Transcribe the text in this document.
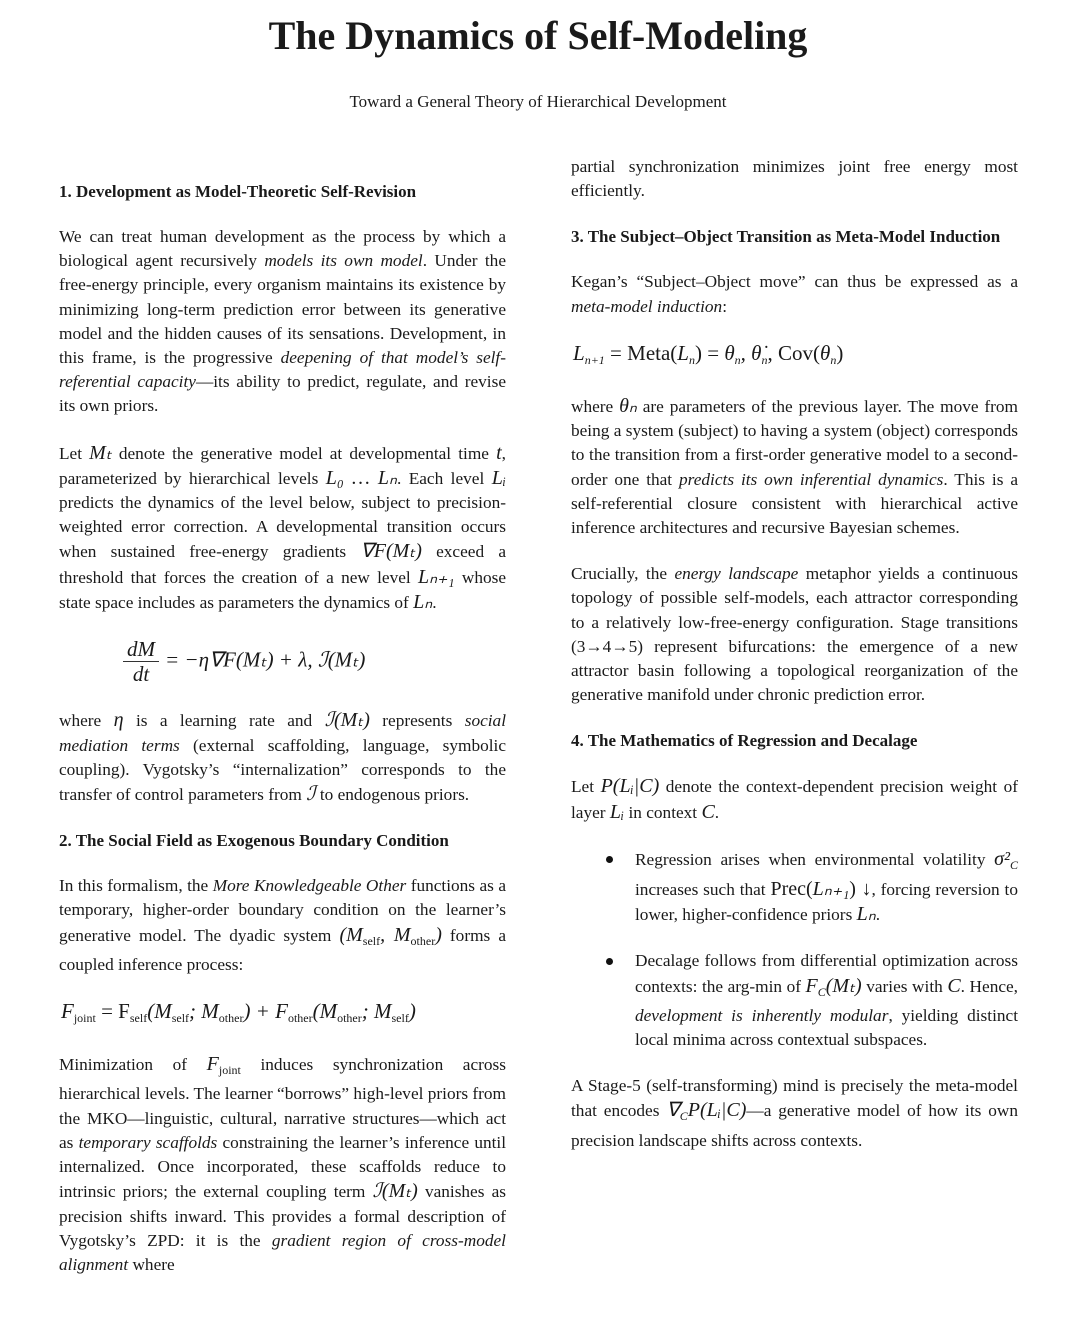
The Dynamics of Self-Modeling
Toward a General Theory of Hierarchical Development
1. Development as Model-Theoretic Self-Revision

We can treat human development as the process by which a biological agent recursively models its own model. Under the free-energy principle, every organism maintains its existence by minimizing long-term prediction error between its generative model and the hidden causes of its sensations. Development, in this frame, is the progressive deepening of that model’s self-referential capacity—its ability to predict, regulate, and revise its own priors.

Let Mₜ denote the generative model at developmental time t, parameterized by hierarchical levels L₀ … Lₙ. Each level Lᵢ predicts the dynamics of the level below, subject to precision-weighted error correction. A developmental transition occurs when sustained free-energy gradients ∇F(Mₜ) exceed a threshold that forces the creation of a new level Lₙ₊₁ whose state space includes as parameters the dynamics of Lₙ.

$\frac{dM}{dt} = -\eta\nabla F(M_t) + \lambda$, ℐ(Mₜ)

where η is a learning rate and ℐ(Mₜ) represents social mediation terms (external scaffolding, language, symbolic coupling). Vygotsky’s “internalization” corresponds to the transfer of control parameters from ℐ to endogenous priors.

2. The Social Field as Exogenous Boundary Condition

In this formalism, the More Knowledgeable Other functions as a temporary, higher-order boundary condition on the learner’s generative model. The dyadic system ($M_{self}$, $M_{other}$) forms a coupled inference process:

$F_{joint} = F_{self}(M_{self}$; $M_{other}) + F_{other}(M_{other}$; $M_{self}$)

Minimization of $F_{joint}$ induces synchronization across hierarchical levels. The learner “borrows” high-level priors from the MKO—linguistic, cultural, narrative structures—which act as temporary scaffolds constraining the learner’s inference until internalized. Once incorporated, these scaffolds reduce to intrinsic priors; the external coupling term ℐ(Mₜ) vanishes as precision shifts inward. This provides a formal description of Vygotsky’s ZPD: it is the gradient region of cross-model alignment where

partial synchronization minimizes joint free energy most efficiently.

3. The Subject–Object Transition as Meta-Model Induction

Kegan’s “Subject–Object move” can thus be expressed as a meta-model induction:

Ln+1 = Meta(Ln) = θn, θ̇n, Cov(θn)

where θₙ are parameters of the previous layer. The move from being a system (subject) to having a system (object) corresponds to the transition from a first-order generative model to a second-order one that predicts its own inferential dynamics. This is a self-referential closure consistent with hierarchical active inference architectures and recursive Bayesian schemes.

Crucially, the energy landscape metaphor yields a continuous topology of possible self-models, each attractor corresponding to a relatively low-free-energy configuration. Stage transitions (3→4→5) represent bifurcations: the emergence of a new attractor basin following a topological reorganization of the generative manifold under chronic prediction error.

4. The Mathematics of Regression and Decalage

Let P(Lᵢ|C) denote the context-dependent precision weight of layer Lᵢ in context C.

Regression arises when environmental volatility $\sigma^2_C$ increases such that Prec(Lₙ₊₁) ↓, forcing reversion to lower, higher-confidence priors Lₙ.
Decalage follows from differential optimization across contexts: the arg-min of $F_C(M_t)$ varies with C. Hence, development is inherently modular, yielding distinct local minima across contextual subspaces.

A Stage-5 (self-transforming) mind is precisely the meta-model that encodes $\nabla_CP(Lᵢ|C)—a$ generative model of how its own precision landscape shifts across contexts.
